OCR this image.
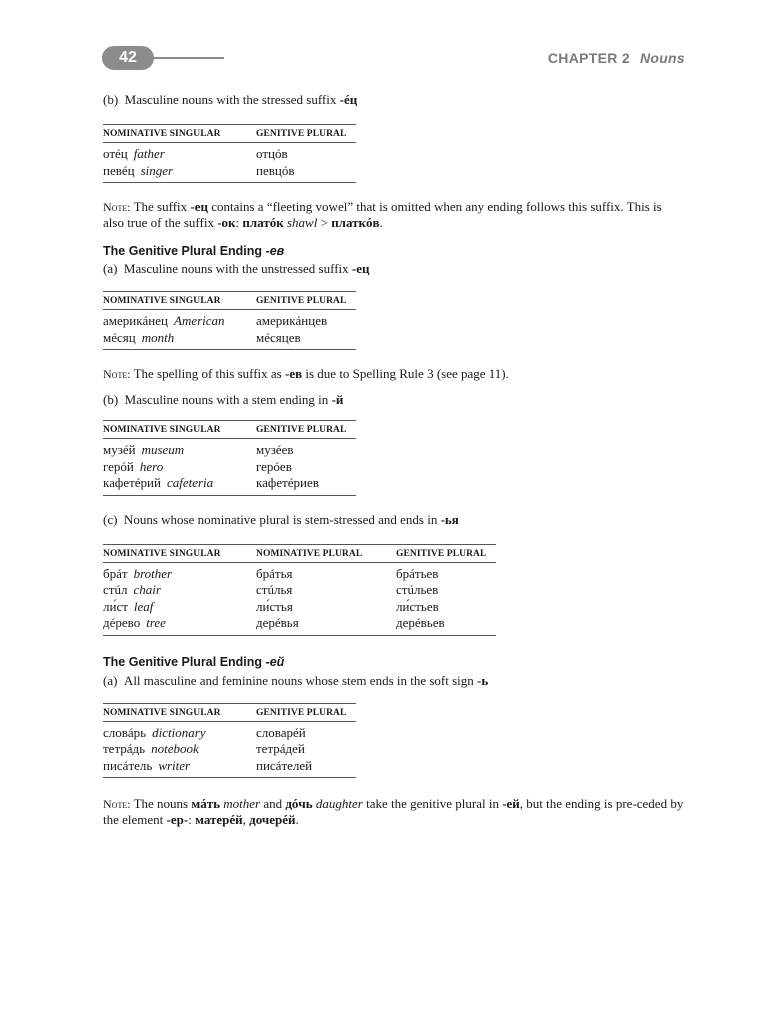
42	CHAPTER 2 Nouns

(b) Masculine nouns with the stressed suffix -éц

NOMINATIVE SINGULAR	GENITIVE PLURAL
отéц father	отцóв
певéц singer	певцóв

Note: The suffix -ец contains a “fleeting vowel” that is omitted when any ending follows this suffix. This is also true of the suffix -ок: платóк shawl > платкóв.

The Genitive Plural Ending -ев

(a) Masculine nouns with the unstressed suffix -ец

NOMINATIVE SINGULAR	GENITIVE PLURAL
америкáнец American	америкáнцев
мéсяц month	мéсяцев

Note: The spelling of this suffix as -ев is due to Spelling Rule 3 (see page 11).

(b) Masculine nouns with a stem ending in -й

NOMINATIVE SINGULAR	GENITIVE PLURAL
музéй museum	музéев
герóй hero	герóев
кафетéрий cafeteria	кафетéриев

(c) Nouns whose nominative plural is stem-stressed and ends in -ья

NOMINATIVE SINGULAR	NOMINATIVE PLURAL	GENITIVE PLURAL
брáт brother	брáтья	брáтьев
стúл chair	стúлья	стúльев
ли́ст leaf	ли́стья	ли́стьев
дéрево tree	дерéвья	дерéвьев

The Genitive Plural Ending -ей

(a) All masculine and feminine nouns whose stem ends in the soft sign -ь

NOMINATIVE SINGULAR	GENITIVE PLURAL
словáрь dictionary	словарéй
тетрáдь notebook	тетрáдей
писáтель writer	писáтелей

Note: The nouns мáть mother and дóчь daughter take the genitive plural in -ей, but the ending is pre-ceded by the element -ер-: матерéй, дочерéй.
